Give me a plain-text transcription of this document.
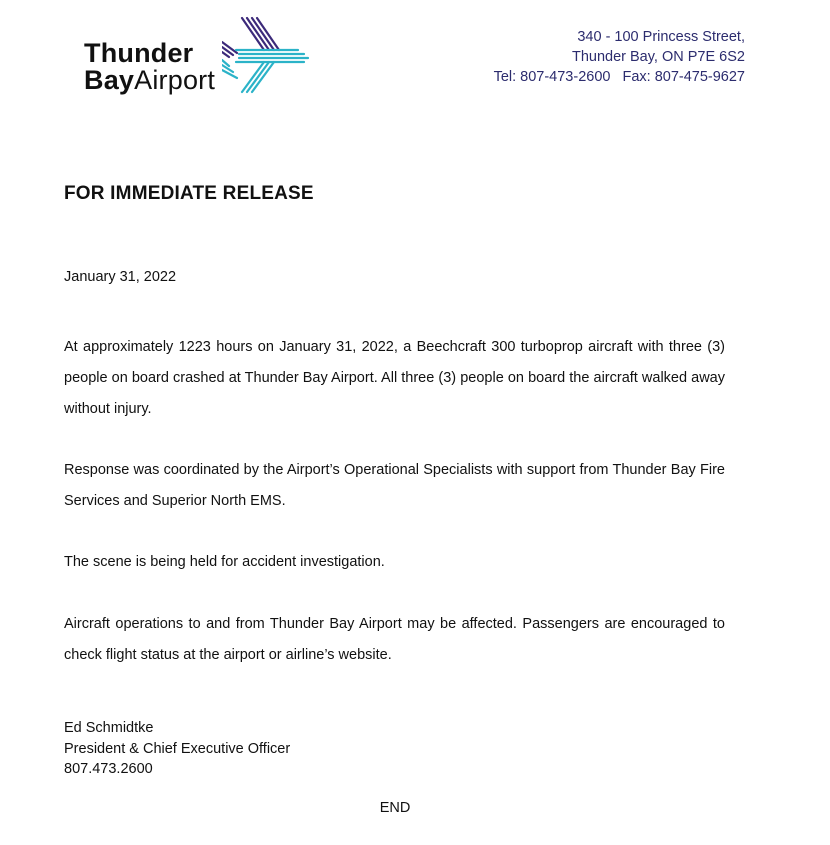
Thunder
BayAirport
340 - 100 Princess Street,
Thunder Bay, ON P7E 6S2
Tel: 807-473-2600 Fax: 807-475-9627
FOR IMMEDIATE RELEASE
January 31, 2022
At approximately 1223 hours on January 31, 2022, a Beechcraft 300 turboprop aircraft with three (3) people on board crashed at Thunder Bay Airport. All three (3) people on board the aircraft walked away without injury.
Response was coordinated by the Airport’s Operational Specialists with support from Thunder Bay Fire Services and Superior North EMS.
The scene is being held for accident investigation.
Aircraft operations to and from Thunder Bay Airport may be affected. Passengers are encouraged to check flight status at the airport or airline’s website.
Ed Schmidtke
President & Chief Executive Officer
807.473.2600
END
